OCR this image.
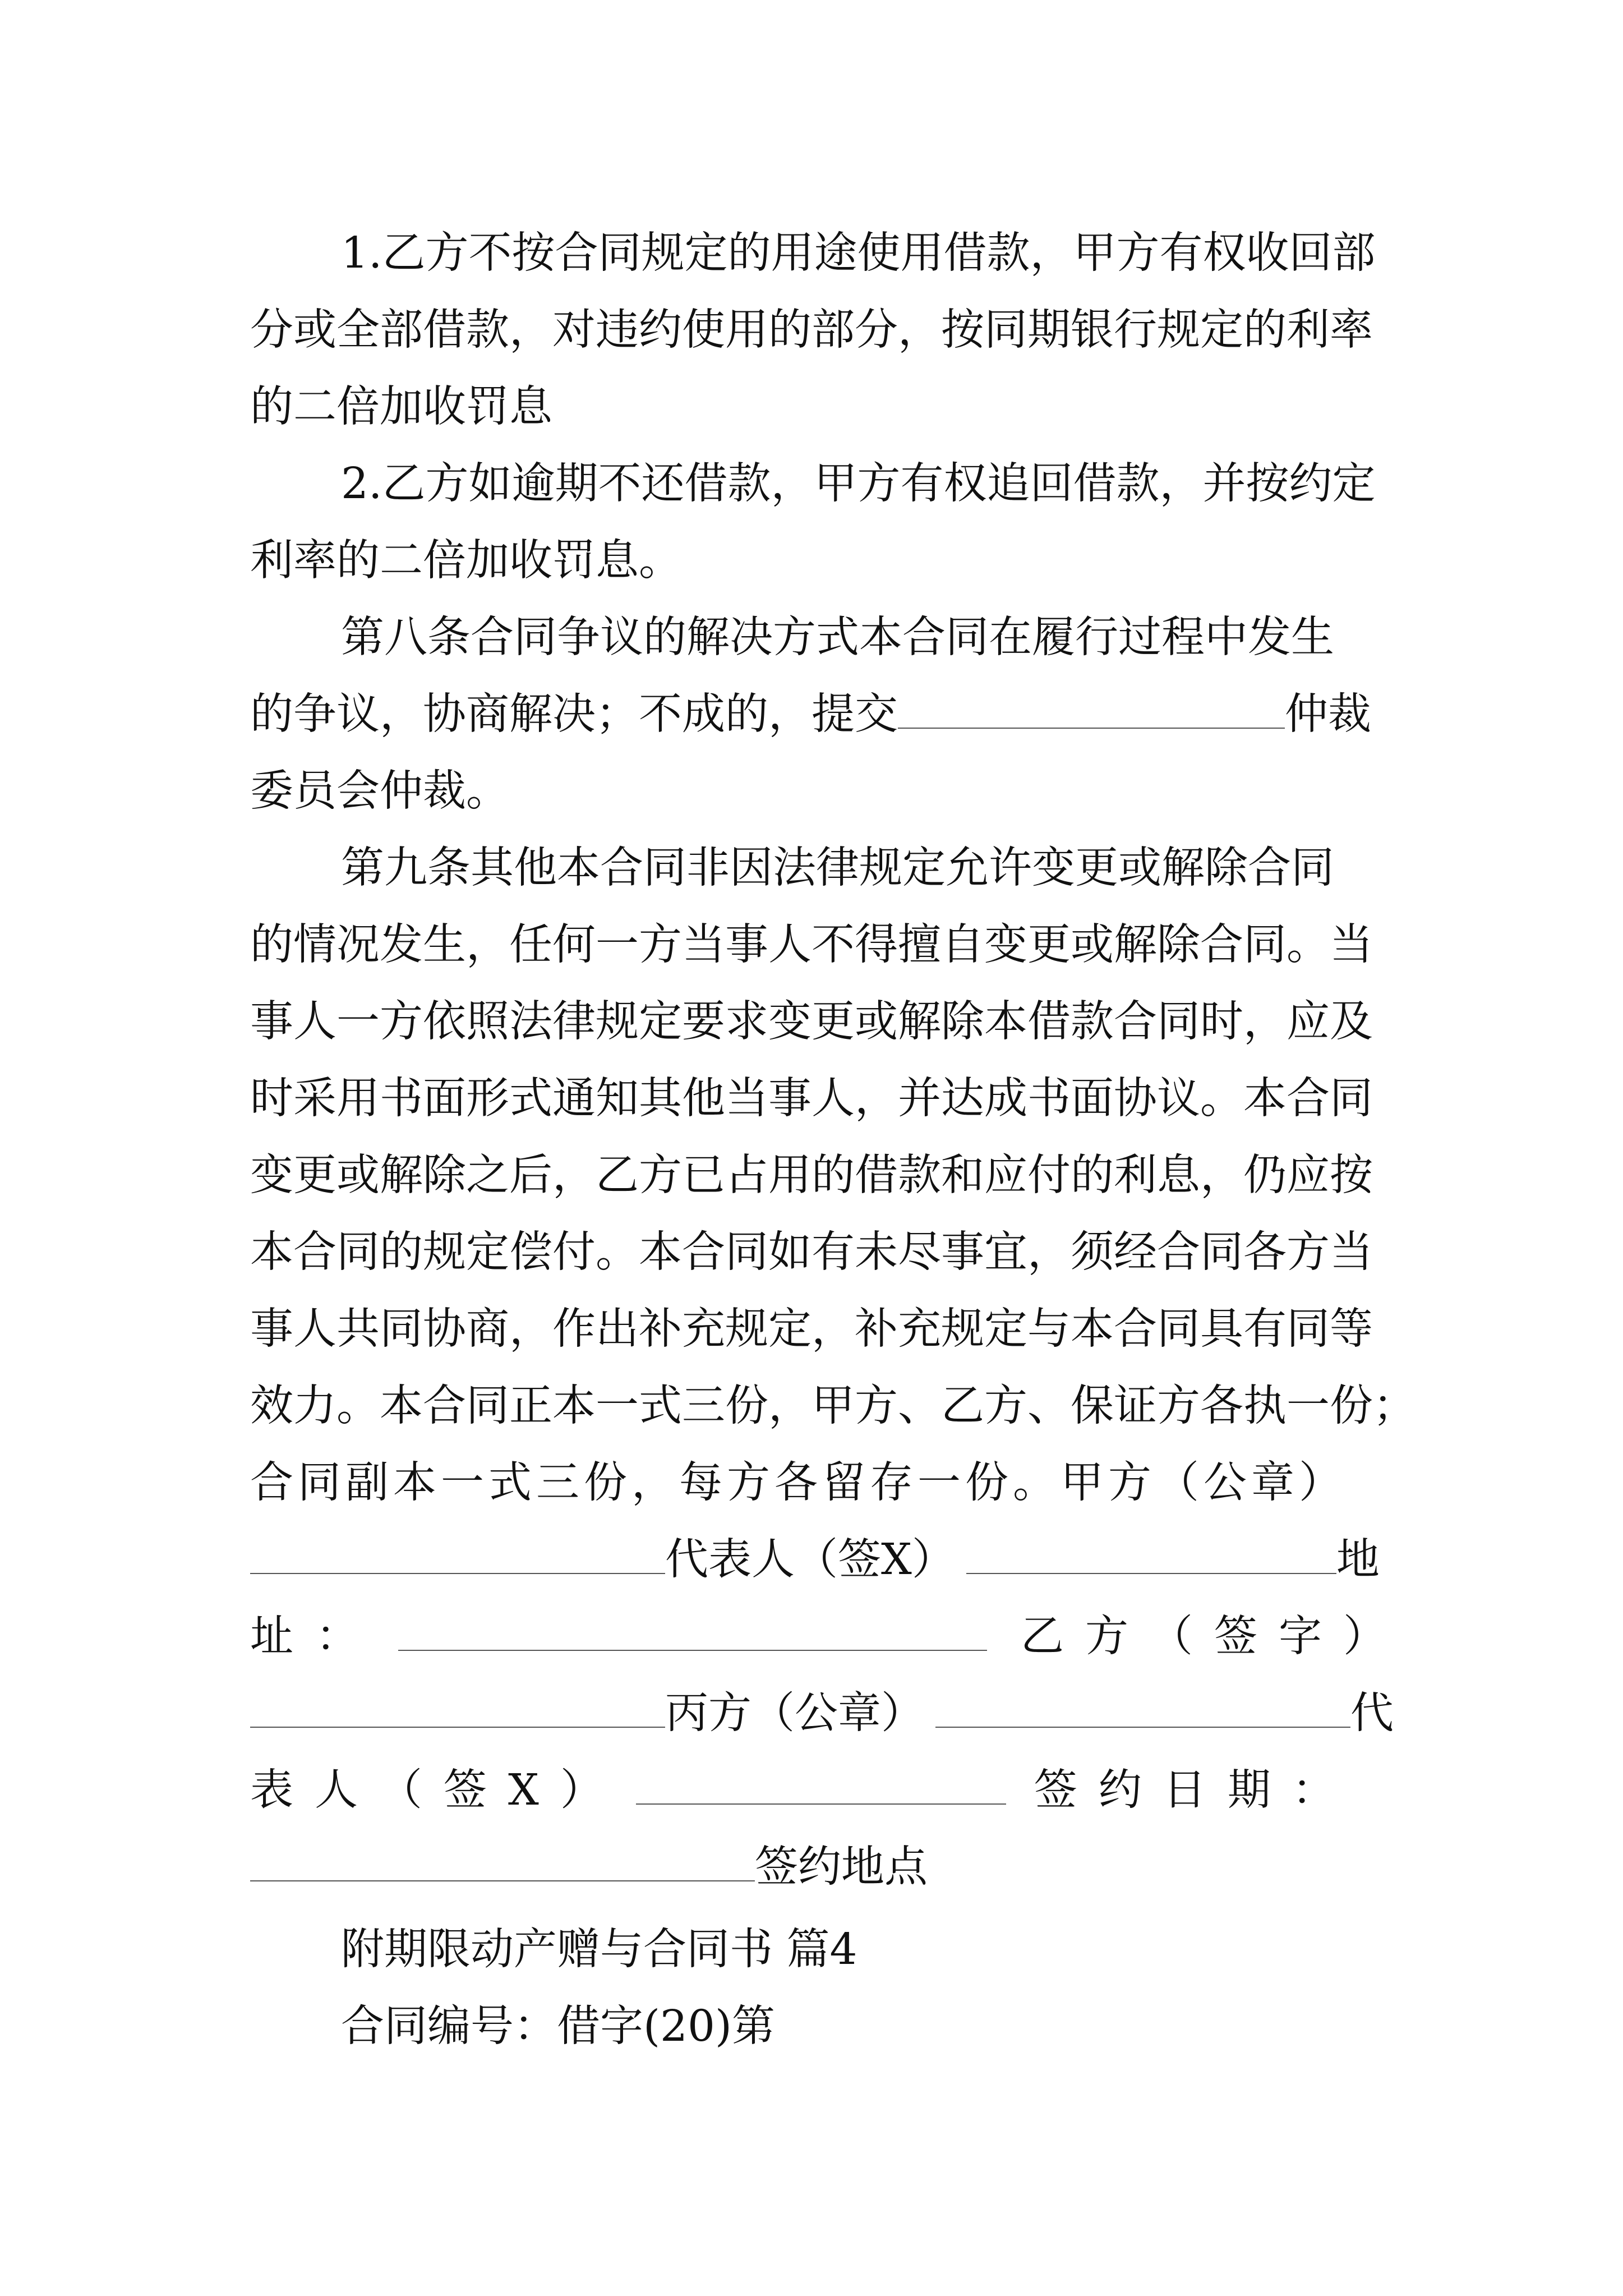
1.乙方不按合同规定的用途使用借款，甲方有权收回部
分或全部借款，对违约使用的部分，按同期银行规定的利率
的二倍加收罚息
2.乙方如逾期不还借款，甲方有权追回借款，并按约定
利率的二倍加收罚息。
第八条合同争议的解决方式本合同在履行过程中发生
的争议，协商解决；不成的，提交	仲裁
委员会仲裁。
第九条其他本合同非因法律规定允许变更或解除合同
的情况发生，任何一方当事人不得擅自变更或解除合同。当
事人一方依照法律规定要求变更或解除本借款合同时，应及
时采用书面形式通知其他当事人，并达成书面协议。本合同
变更或解除之后，乙方已占用的借款和应付的利息，仍应按
本合同的规定偿付。本合同如有未尽事宜，须经合同各方当
事人共同协商，作出补充规定，补充规定与本合同具有同等
效力。本合同正本一式三份，甲方、乙方、保证方各执一份；
合同副本一式三份，每方各留存一份。甲方（公章）
代表人（签X）	地
址：	乙方（签字）
丙方（公章）	代
表人（签X）	签约日期：
签约地点
附期限动产赠与合同书 篇4
合同编号：借字(20)第
